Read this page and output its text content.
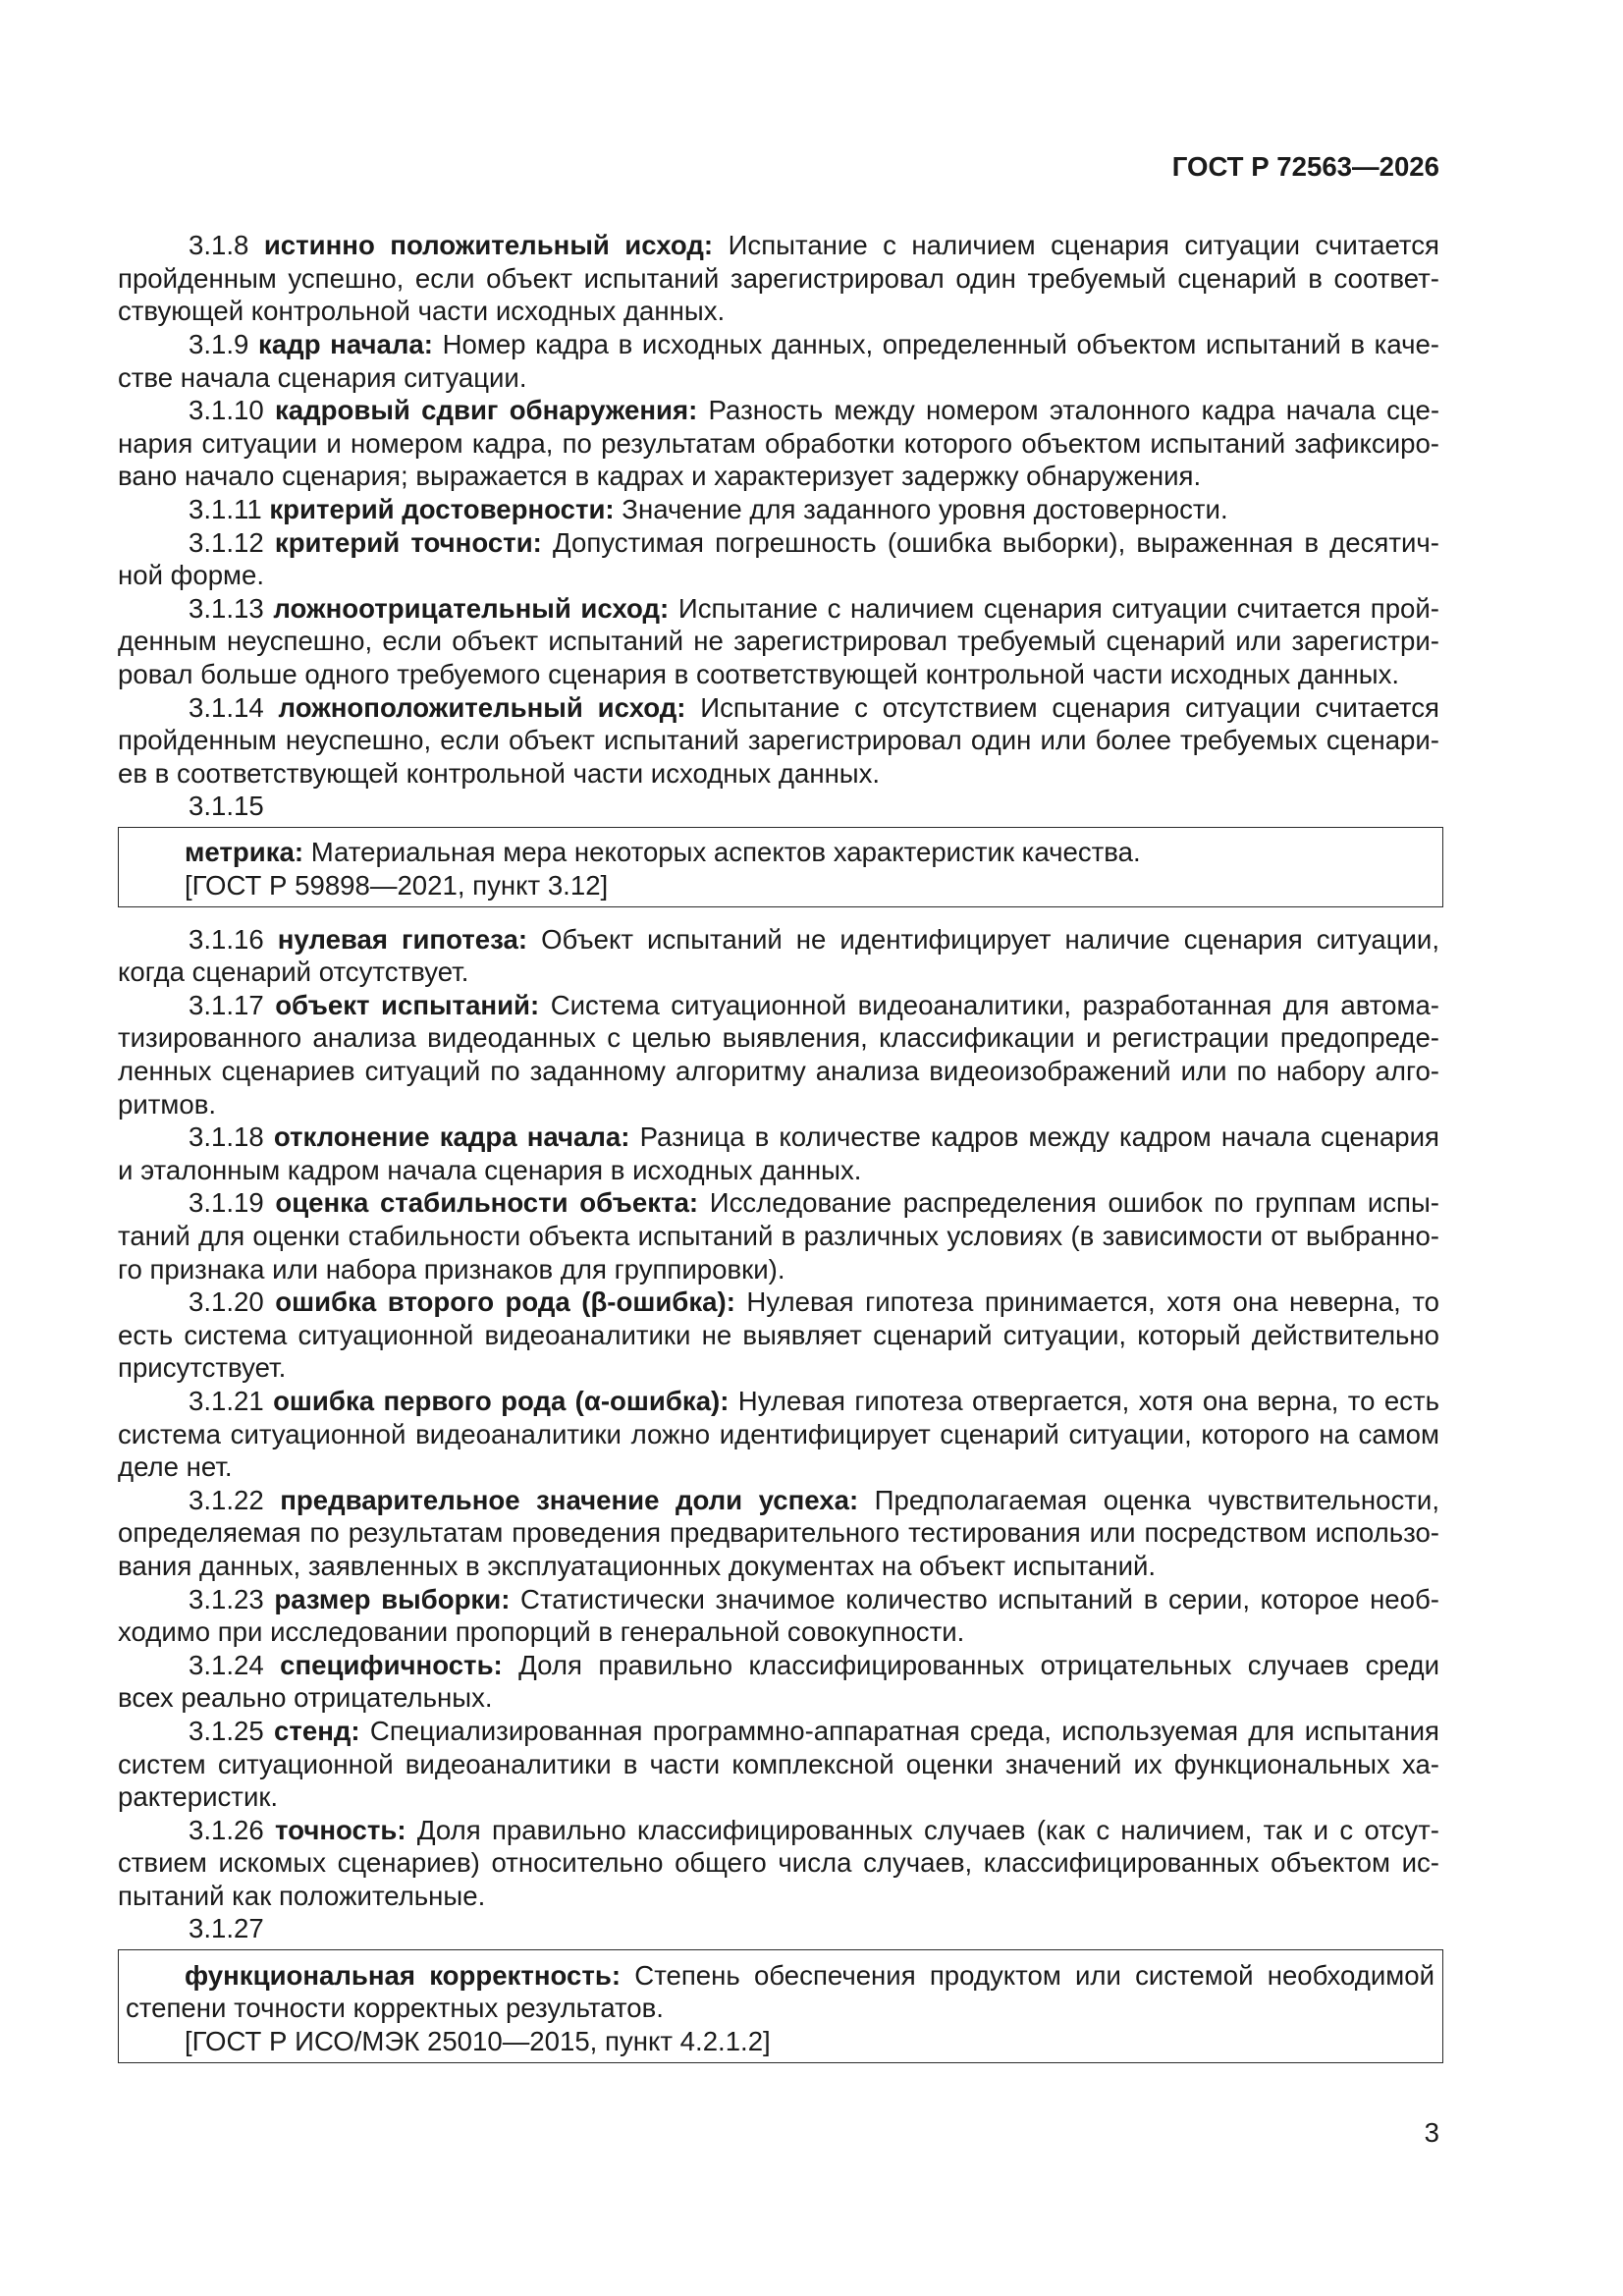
ГОСТ Р 72563—2026
3.1.8 истинно положительный исход: Испытание с наличием сценария ситуации считается
пройденным успешно, если объект испытаний зарегистрировал один требуемый сценарий в соответ-
ствующей контрольной части исходных данных.
3.1.9 кадр начала: Номер кадра в исходных данных, определенный объектом испытаний в каче-
стве начала сценария ситуации.
3.1.10 кадровый сдвиг обнаружения: Разность между номером эталонного кадра начала сце-
нария ситуации и номером кадра, по результатам обработки которого объектом испытаний зафиксиро-
вано начало сценария; выражается в кадрах и характеризует задержку обнаружения.
3.1.11 критерий достоверности: Значение для заданного уровня достоверности.
3.1.12 критерий точности: Допустимая погрешность (ошибка выборки), выраженная в десятич-
ной форме.
3.1.13 ложноотрицательный исход: Испытание с наличием сценария ситуации считается прой-
денным неуспешно, если объект испытаний не зарегистрировал требуемый сценарий или зарегистри-
ровал больше одного требуемого сценария в соответствующей контрольной части исходных данных.
3.1.14 ложноположительный исход: Испытание с отсутствием сценария ситуации считается
пройденным неуспешно, если объект испытаний зарегистрировал один или более требуемых сценари-
ев в соответствующей контрольной части исходных данных.
3.1.15
метрика: Материальная мера некоторых аспектов характеристик качества.
[ГОСТ Р 59898—2021, пункт 3.12]
3.1.16 нулевая гипотеза: Объект испытаний не идентифицирует наличие сценария ситуации,
когда сценарий отсутствует.
3.1.17 объект испытаний: Система ситуационной видеоаналитики, разработанная для автома-
тизированного анализа видеоданных с целью выявления, классификации и регистрации предопреде-
ленных сценариев ситуаций по заданному алгоритму анализа видеоизображений или по набору алго-
ритмов.
3.1.18 отклонение кадра начала: Разница в количестве кадров между кадром начала сценария
и эталонным кадром начала сценария в исходных данных.
3.1.19 оценка стабильности объекта: Исследование распределения ошибок по группам испы-
таний для оценки стабильности объекта испытаний в различных условиях (в зависимости от выбранно-
го признака или набора признаков для группировки).
3.1.20 ошибка второго рода (β-ошибка): Нулевая гипотеза принимается, хотя она неверна, то
есть система ситуационной видеоаналитики не выявляет сценарий ситуации, который действительно
присутствует.
3.1.21 ошибка первого рода (α-ошибка): Нулевая гипотеза отвергается, хотя она верна, то есть
система ситуационной видеоаналитики ложно идентифицирует сценарий ситуации, которого на самом
деле нет.
3.1.22 предварительное значение доли успеха: Предполагаемая оценка чувствительности,
определяемая по результатам проведения предварительного тестирования или посредством использо-
вания данных, заявленных в эксплуатационных документах на объект испытаний.
3.1.23 размер выборки: Статистически значимое количество испытаний в серии, которое необ-
ходимо при исследовании пропорций в генеральной совокупности.
3.1.24 специфичность: Доля правильно классифицированных отрицательных случаев среди
всех реально отрицательных.
3.1.25 стенд: Специализированная программно-аппаратная среда, используемая для испытания
систем ситуационной видеоаналитики в части комплексной оценки значений их функциональных ха-
рактеристик.
3.1.26 точность: Доля правильно классифицированных случаев (как с наличием, так и с отсут-
ствием искомых сценариев) относительно общего числа случаев, классифицированных объектом ис-
пытаний как положительные.
3.1.27
функциональная корректность: Степень обеспечения продуктом или системой необходимой
степени точности корректных результатов.
[ГОСТ Р ИСО/МЭК 25010—2015, пункт 4.2.1.2]
3
